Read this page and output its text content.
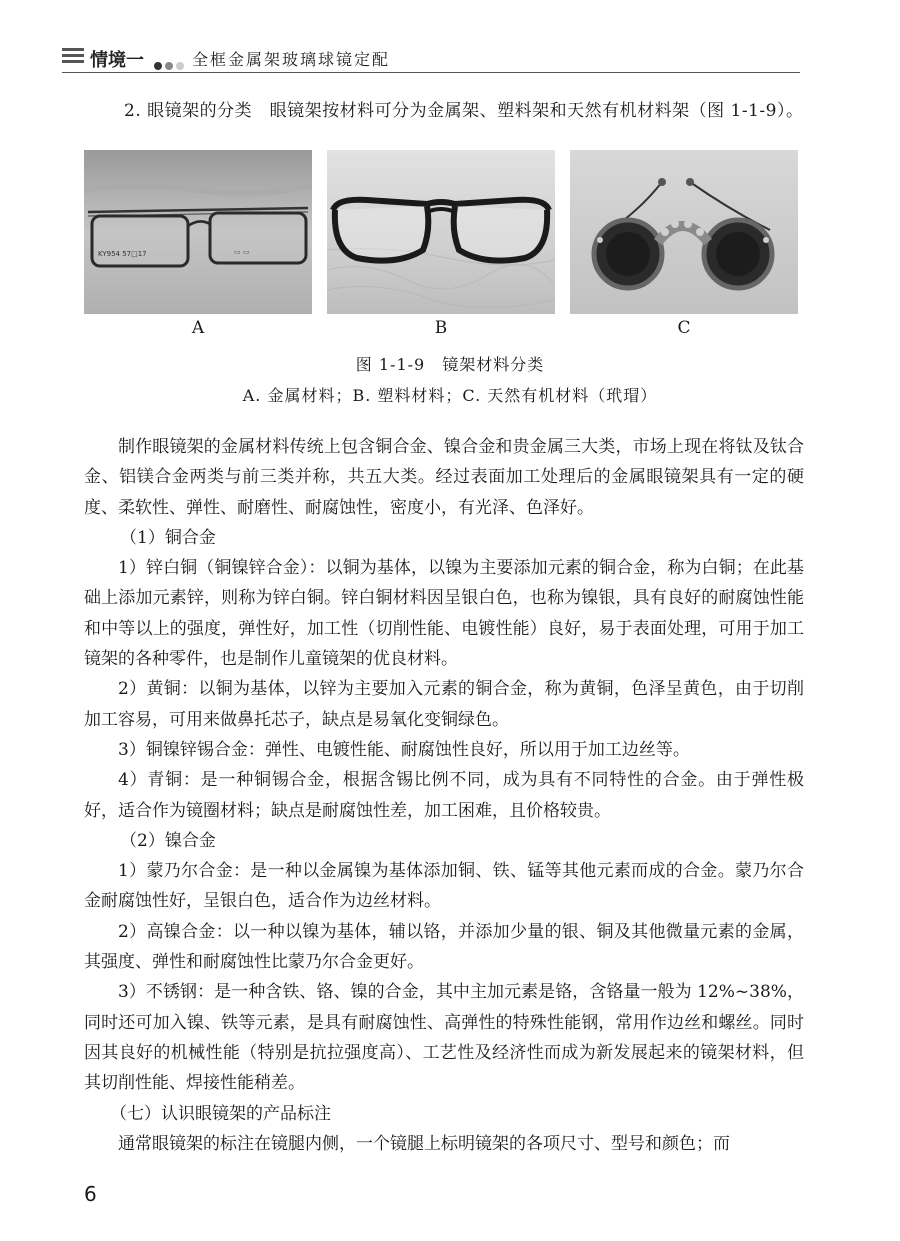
情境一	全框金属架玻璃球镜定配
2. 眼镜架的分类　眼镜架按材料可分为金属架、塑料架和天然有机材料架（图 1-1-9）。
KY954 57□17	▭ ▭
A	B	C
图 1-1-9　镜架材料分类
A. 金属材料；B. 塑料材料；C. 天然有机材料（玳瑁）

制作眼镜架的金属材料传统上包含铜合金、镍合金和贵金属三大类，市场上现在将钛及钛合金、铝镁合金两类与前三类并称，共五大类。经过表面加工处理后的金属眼镜架具有一定的硬度、柔软性、弹性、耐磨性、耐腐蚀性，密度小，有光泽、色泽好。

（1）铜合金

1）锌白铜（铜镍锌合金）：以铜为基体，以镍为主要添加元素的铜合金，称为白铜；在此基础上添加元素锌，则称为锌白铜。锌白铜材料因呈银白色，也称为镍银，具有良好的耐腐蚀性能和中等以上的强度，弹性好，加工性（切削性能、电镀性能）良好，易于表面处理，可用于加工镜架的各种零件，也是制作儿童镜架的优良材料。

2）黄铜：以铜为基体，以锌为主要加入元素的铜合金，称为黄铜，色泽呈黄色，由于切削加工容易，可用来做鼻托芯子，缺点是易氧化变铜绿色。

3）铜镍锌锡合金：弹性、电镀性能、耐腐蚀性良好，所以用于加工边丝等。

4）青铜：是一种铜锡合金，根据含锡比例不同，成为具有不同特性的合金。由于弹性极好，适合作为镜圈材料；缺点是耐腐蚀性差，加工困难，且价格较贵。

（2）镍合金

1）蒙乃尔合金：是一种以金属镍为基体添加铜、铁、锰等其他元素而成的合金。蒙乃尔合金耐腐蚀性好，呈银白色，适合作为边丝材料。

2）高镍合金：以一种以镍为基体，辅以铬，并添加少量的银、铜及其他微量元素的金属，其强度、弹性和耐腐蚀性比蒙乃尔合金更好。

3）不锈钢：是一种含铁、铬、镍的合金，其中主加元素是铬，含铬量一般为 12%~38%，同时还可加入镍、铁等元素，是具有耐腐蚀性、高弹性的特殊性能钢，常用作边丝和螺丝。同时因其良好的机械性能（特别是抗拉强度高）、工艺性及经济性而成为新发展起来的镜架材料，但其切削性能、焊接性能稍差。

（七）认识眼镜架的产品标注

通常眼镜架的标注在镜腿内侧，一个镜腿上标明镜架的各项尺寸、型号和颜色；而

6
